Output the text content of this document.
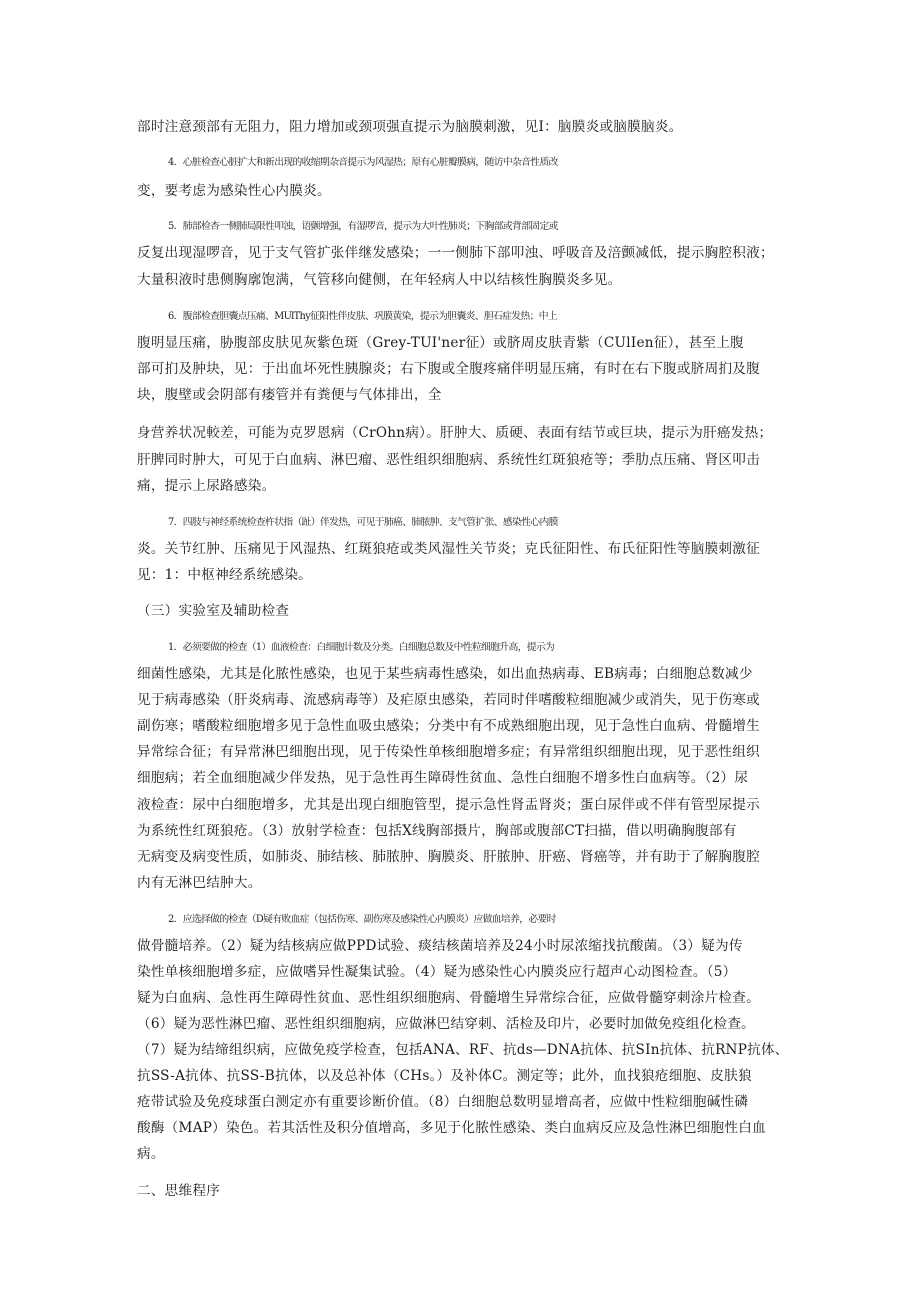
部时注意颈部有无阻力，阻力增加或颈项强直提示为脑膜刺激，见I：脑膜炎或脑膜脑炎。
4．心脏检查心脏扩大和新出现的收缩期杂音提示为风湿热；原有心脏瓣膜病，随访中杂音性质改
变，要考虑为感染性心内膜炎。
5．肺部检杏一侧肺局限性叩浊，语颤增强，有湿啰音，提示为大叶性肺炎；下胸部或背部固定或
反复出现湿啰音，见于支气管扩张伴继发感染；一一侧肺下部叩浊、呼吸音及涪颤减低，提示胸腔积液；
大量积液时患侧胸廓饱满，气管移向健侧，在年轻病人中以结核性胸膜炎多见。
6．腹部检查胆囊点压痛、MUlThy征阳性伴皮肤、巩膜黄染，提示为胆囊炎、胆石症发热；中上
腹明显压痛，胁腹部皮肤见灰紫色斑（Grey-TUI'ner征）或脐周皮肤青紫（CUlIen征），甚至上腹
部可扪及肿块，见：于出血坏死性胰腺炎；右下腹或全腹疼痛伴明显压痛，有时在右下腹或脐周扪及腹
块，腹壁或会阴部有瘘管并有粪便与气体排出，全
身营养状况較差，可能为克罗恩病（CrOhn病）。肝肿大、质硬、表面有结节或巨块，提示为肝癌发热；
肝脾同时肿大，可见于白血病、淋巴瘤、恶性组织细胞病、系统性红斑狼疮等；季肋点压痛、肾区叩击
痛，提示上尿路感染。
7．四肢与神经系统检查杵状指（趾）伴发热，可见于肺癌、肺脓肿、支气管扩张、感染性心内膜
炎。关节红肿、压痛见于风湿热、红斑狼疮或类风湿性关节炎；克氏征阳性、布氏征阳性等脑膜刺激征
见：1：中枢神经系统感染。
（三）实验室及辅助检查
1．必须要做的检查（1）血液检查：白细胞计数及分类。白细胞总数及中性粒细胞升高，提示为
细菌性感染，尤其是化脓性感染，也见于某些病毒性感染，如出血热病毒、EB病毒；白细胞总数减少
见于病毒感染（肝炎病毒、流感病毒等）及疟原虫感染，若同时伴嗜酸粒细胞减少或消失，见于伤寒或
副伤寒；嗜酸粒细胞增多见于急性血吸虫感染；分类中有不成熟细胞出现，见于急性白血病、骨髓增生
异常综合征；有异常淋巴细胞出现，见于传染性单核细胞增多症；有异常组织细胞出现，见于恶性组织
细胞病；若全血细胞减少伴发热，见于急性再生障碍性贫血、急性白细胞不增多性白血病等。（2）尿
液检查：尿中白细胞增多，尤其是出现白细胞管型，提示急性肾盂肾炎；蛋白尿伴或不伴有管型尿提示
为系统性红斑狼疮。（3）放射学检查：包括X线胸部摄片，胸部或腹部CT扫描，借以明确胸腹部有
无病变及病变性质，如肺炎、肺结核、肺脓肿、胸膜炎、肝脓肿、肝癌、肾癌等，并有助于了解胸腹腔
内有无淋巴结肿大。
2．应选择做的检查（D疑有败血症（包括伤寒、副伤寒及感染性心内膜炎）应做血培养，必要时
做骨髓培养。（2）疑为结核病应做PPD试验、痰结核菌培养及24小时尿浓缩找抗酸菌。（3）疑为传
染性单核细胞增多症，应做嗜异性凝集试验。（4）疑为感染性心内膜炎应行超声心动图检查。（5）
疑为白血病、急性再生障碍性贫血、恶性组织细胞病、骨髓增生异常综合征，应做骨髓穿刺涂片检查。
（6）疑为恶性淋巴瘤、恶性组织细胞病，应做淋巴结穿刺、活检及印片，必要时加做免疫组化检查。
（7）疑为结缔组织病，应做免疫学检查，包括ANA、RF、抗ds—DNA抗体、抗SIn抗体、抗RNP抗体、
抗SS-A抗体、抗SS-B抗体，以及总补体（CHs。）及补体C。测定等；此外，血找狼疮细胞、皮肤狼
疮带试验及免疫球蛋白测定亦有重要诊断价值。（8）白细胞总数明显增高者，应做中性粒细胞碱性磷
酸酶（MAP）染色。若其活性及积分值增高，多见于化脓性感染、类白血病反应及急性淋巴细胞性白血
病。
二、思维程序
